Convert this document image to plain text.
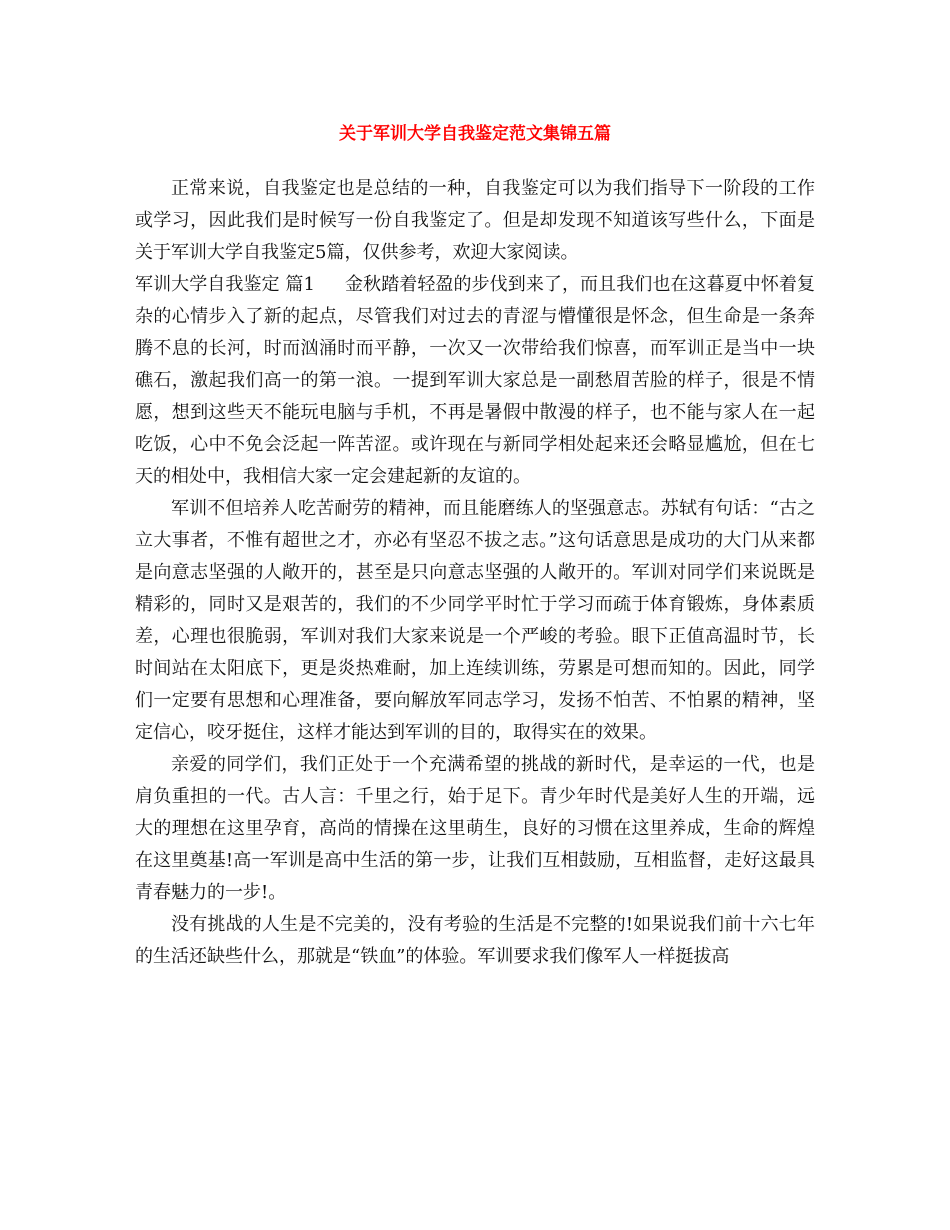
关于军训大学自我鉴定范文集锦五篇

正常来说，自我鉴定也是总结的一种，自我鉴定可以为我们指导下一阶段的工作或学习，因此我们是时候写一份自我鉴定了。但是却发现不知道该写些什么，下面是关于军训大学自我鉴定5篇，仅供参考，欢迎大家阅读。

军训大学自我鉴定 篇1 金秋踏着轻盈的步伐到来了，而且我们也在这暮夏中怀着复杂的心情步入了新的起点，尽管我们对过去的青涩与懵懂很是怀念，但生命是一条奔腾不息的长河，时而汹涌时而平静，一次又一次带给我们惊喜，而军训正是当中一块礁石，激起我们高一的第一浪。一提到军训大家总是一副愁眉苦脸的样子，很是不情愿，想到这些天不能玩电脑与手机，不再是暑假中散漫的样子，也不能与家人在一起吃饭，心中不免会泛起一阵苦涩。或许现在与新同学相处起来还会略显尴尬，但在七天的相处中，我相信大家一定会建起新的友谊的。

军训不但培养人吃苦耐劳的精神，而且能磨练人的坚强意志。苏轼有句话：“古之立大事者，不惟有超世之才，亦必有坚忍不拔之志。”这句话意思是成功的大门从来都是向意志坚强的人敞开的，甚至是只向意志坚强的人敞开的。军训对同学们来说既是精彩的，同时又是艰苦的，我们的不少同学平时忙于学习而疏于体育锻炼，身体素质差，心理也很脆弱，军训对我们大家来说是一个严峻的考验。眼下正值高温时节，长时间站在太阳底下，更是炎热难耐，加上连续训练，劳累是可想而知的。因此，同学们一定要有思想和心理准备，要向解放军同志学习，发扬不怕苦、不怕累的精神，坚定信心，咬牙挺住，这样才能达到军训的目的，取得实在的效果。

亲爱的同学们，我们正处于一个充满希望的挑战的新时代，是幸运的一代，也是肩负重担的一代。古人言：千里之行，始于足下。青少年时代是美好人生的开端，远大的理想在这里孕育，高尚的情操在这里萌生，良好的习惯在这里养成，生命的辉煌在这里奠基!高一军训是高中生活的第一步，让我们互相鼓励，互相监督，走好这最具青春魅力的一步!。

没有挑战的人生是不完美的，没有考验的生活是不完整的!如果说我们前十六七年的生活还缺些什么，那就是“铁血”的体验。军训要求我们像军人一样挺拔高
